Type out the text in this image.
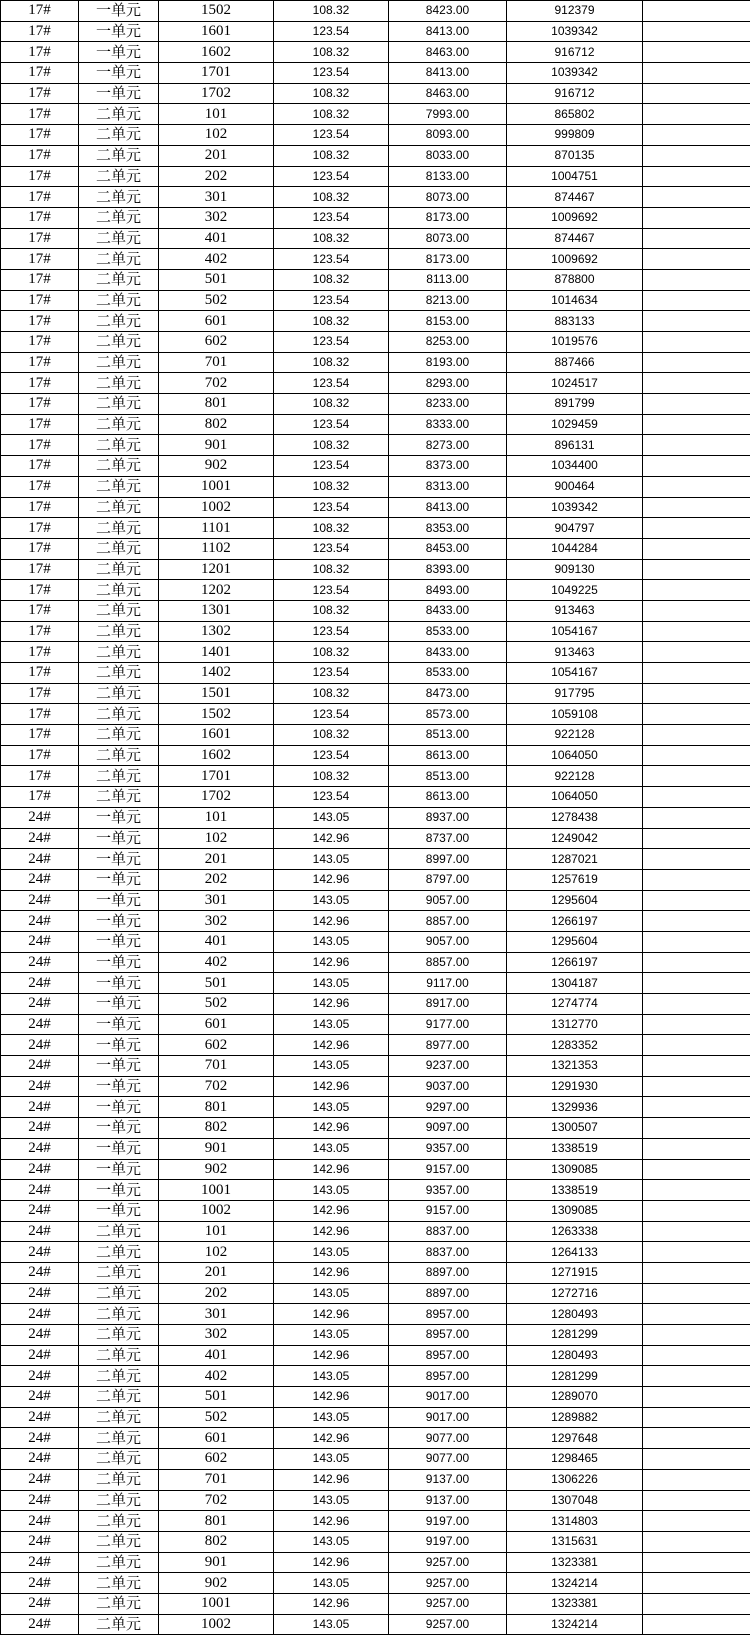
17#	一单元	1502	108.32	8423.00	912379	
17#	一单元	1601	123.54	8413.00	1039342	
17#	一单元	1602	108.32	8463.00	916712	
17#	一单元	1701	123.54	8413.00	1039342	
17#	一单元	1702	108.32	8463.00	916712	
17#	二单元	101	108.32	7993.00	865802	
17#	二单元	102	123.54	8093.00	999809	
17#	二单元	201	108.32	8033.00	870135	
17#	二单元	202	123.54	8133.00	1004751	
17#	二单元	301	108.32	8073.00	874467	
17#	二单元	302	123.54	8173.00	1009692	
17#	二单元	401	108.32	8073.00	874467	
17#	二单元	402	123.54	8173.00	1009692	
17#	二单元	501	108.32	8113.00	878800	
17#	二单元	502	123.54	8213.00	1014634	
17#	二单元	601	108.32	8153.00	883133	
17#	二单元	602	123.54	8253.00	1019576	
17#	二单元	701	108.32	8193.00	887466	
17#	二单元	702	123.54	8293.00	1024517	
17#	二单元	801	108.32	8233.00	891799	
17#	二单元	802	123.54	8333.00	1029459	
17#	二单元	901	108.32	8273.00	896131	
17#	二单元	902	123.54	8373.00	1034400	
17#	二单元	1001	108.32	8313.00	900464	
17#	二单元	1002	123.54	8413.00	1039342	
17#	二单元	1101	108.32	8353.00	904797	
17#	二单元	1102	123.54	8453.00	1044284	
17#	二单元	1201	108.32	8393.00	909130	
17#	二单元	1202	123.54	8493.00	1049225	
17#	二单元	1301	108.32	8433.00	913463	
17#	二单元	1302	123.54	8533.00	1054167	
17#	二单元	1401	108.32	8433.00	913463	
17#	二单元	1402	123.54	8533.00	1054167	
17#	二单元	1501	108.32	8473.00	917795	
17#	二单元	1502	123.54	8573.00	1059108	
17#	二单元	1601	108.32	8513.00	922128	
17#	二单元	1602	123.54	8613.00	1064050	
17#	二单元	1701	108.32	8513.00	922128	
17#	二单元	1702	123.54	8613.00	1064050	
24#	一单元	101	143.05	8937.00	1278438	
24#	一单元	102	142.96	8737.00	1249042	
24#	一单元	201	143.05	8997.00	1287021	
24#	一单元	202	142.96	8797.00	1257619	
24#	一单元	301	143.05	9057.00	1295604	
24#	一单元	302	142.96	8857.00	1266197	
24#	一单元	401	143.05	9057.00	1295604	
24#	一单元	402	142.96	8857.00	1266197	
24#	一单元	501	143.05	9117.00	1304187	
24#	一单元	502	142.96	8917.00	1274774	
24#	一单元	601	143.05	9177.00	1312770	
24#	一单元	602	142.96	8977.00	1283352	
24#	一单元	701	143.05	9237.00	1321353	
24#	一单元	702	142.96	9037.00	1291930	
24#	一单元	801	143.05	9297.00	1329936	
24#	一单元	802	142.96	9097.00	1300507	
24#	一单元	901	143.05	9357.00	1338519	
24#	一单元	902	142.96	9157.00	1309085	
24#	一单元	1001	143.05	9357.00	1338519	
24#	一单元	1002	142.96	9157.00	1309085	
24#	二单元	101	142.96	8837.00	1263338	
24#	二单元	102	143.05	8837.00	1264133	
24#	二单元	201	142.96	8897.00	1271915	
24#	二单元	202	143.05	8897.00	1272716	
24#	二单元	301	142.96	8957.00	1280493	
24#	二单元	302	143.05	8957.00	1281299	
24#	二单元	401	142.96	8957.00	1280493	
24#	二单元	402	143.05	8957.00	1281299	
24#	二单元	501	142.96	9017.00	1289070	
24#	二单元	502	143.05	9017.00	1289882	
24#	二单元	601	142.96	9077.00	1297648	
24#	二单元	602	143.05	9077.00	1298465	
24#	二单元	701	142.96	9137.00	1306226	
24#	二单元	702	143.05	9137.00	1307048	
24#	二单元	801	142.96	9197.00	1314803	
24#	二单元	802	143.05	9197.00	1315631	
24#	二单元	901	142.96	9257.00	1323381	
24#	二单元	902	143.05	9257.00	1324214	
24#	二单元	1001	142.96	9257.00	1323381	
24#	二单元	1002	143.05	9257.00	1324214	
